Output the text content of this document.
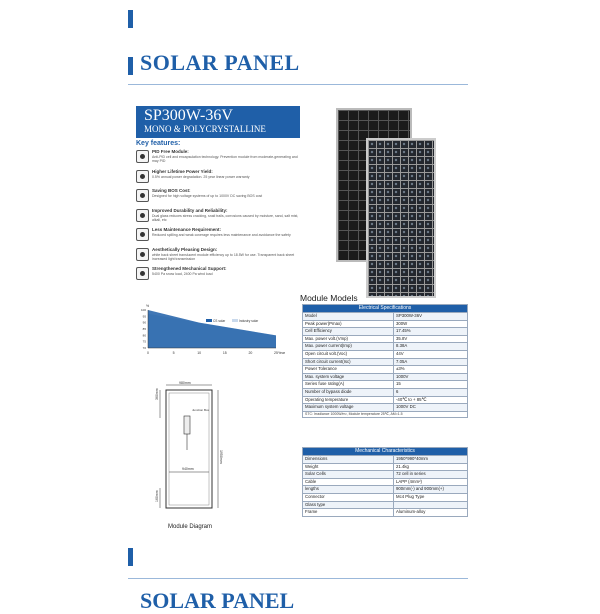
SOLAR PANEL
SP300W-36V
MONO & POLYCRYSTALLINE
Key features:
PID Free Module:
Anti-PID cell and encapsulation technology. Prevention module from moderate-generating and may PID
Higher Lifetime Power Yield:
0.5% annual power degradation. 25 year linear power warranty
Saving BOS Cost:
Designed for high voltage systems of up to 1000V DC saving BOS cost
Improved Durability and Reliability:
Dual glass reduces stress cracking, snail trails, corrosions caused by moisture, sand, salt mist, alkali, etc
Less Maintenance Requirement:
Reduced spilling and weak coverage requires less maintenance and avoidance the safety
Aesthetically Pleasing Design:
white back sheet translucent module efficiency up to 18.5W for use. Transparent back sheet increased light transmission
Strengthened Mechanical Support:
5400 Pa snow load, 2400 Pa wind load
0	5	10	15	20	25
100
95
90
85
80
75
70
Year
%
CS solar	Industry solar
980mm
940mm
1950mm
360mm
160mm
Junction Box
Module Diagram
Module Models
Electrical Specifications	
Model	SP300W-36V
Peak power(Pmax)	300W
Cell Efficiency	17.45%
Max. power volt.(Vmp)	35.8V
Max. power current(Imp)	8.38A
Open circuit volt.(Voc)	44V
Short circuit current(Isc)	7.05A
Power Tolerance	±3%
Max. system voltage	1000V
Series fuse rating(A)	15
Number of bypass diode	6
Operating temperature	-40℃ to + 85℃
Maximum system voltage	1000V DC
STC: Irradiance 1000W/m², Module temperature 25℃, AM=1.5	
Mechanical Characteristics	
Dimensions	1950*990*40mm
Weight	21.4kg
Solar Cells	72 cell in series
Cable	LAPP (4mm²)
lengths	900mm(-) and 900mm(+)
Connector	Mc4 Plug Type
Glass type	
Frame	Aluminum-alloy
SOLAR PANEL
